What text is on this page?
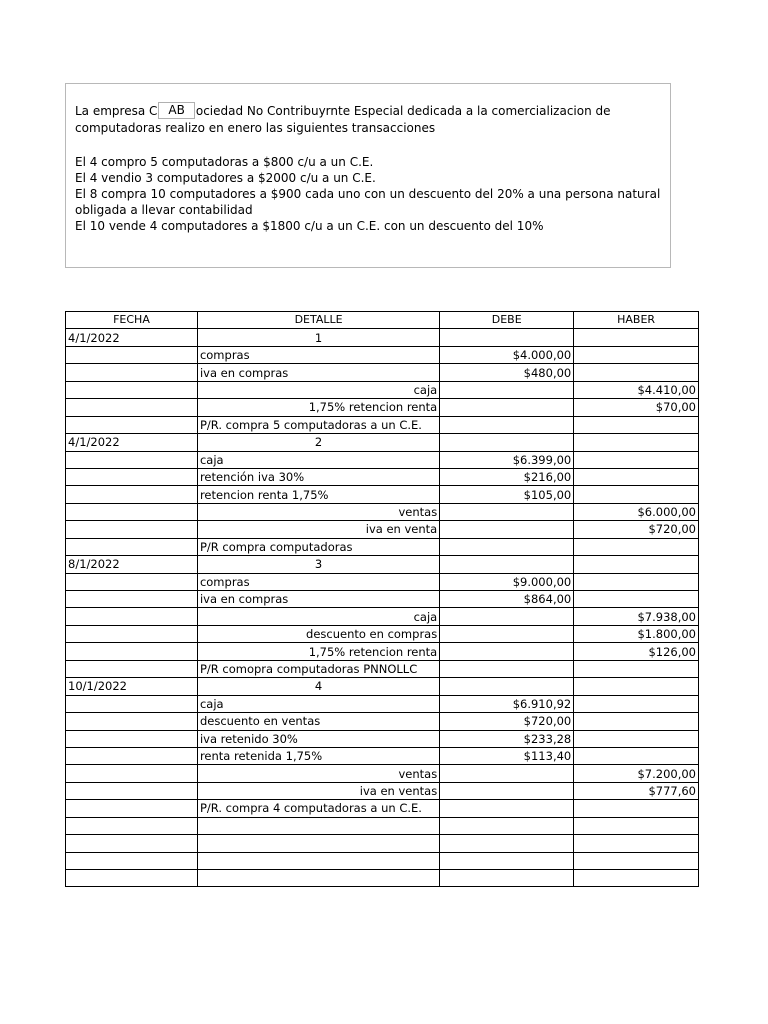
La empresa C AB ociedad No Contribuyrnte Especial dedicada a la comercializacion de
computadoras realizo en enero las siguientes transacciones
El 4 compro 5 computadoras a $800 c/u a un C.E.
El 4 vendio 3 computadores a $2000 c/u a un C.E.
El 8 compra 10 computadores a $900 cada uno con un descuento del 20% a una persona natural
obligada a llevar contabilidad
El 10 vende 4 computadores a $1800 c/u a un C.E. con un descuento del 10%
FECHA	DETALLE	DEBE	HABER
4/1/2022	1		
	compras	$4.000,00	
	iva en compras	$480,00	
	caja		$4.410,00
	1,75% retencion renta		$70,00
	P/R. compra 5 computadoras a un C.E.		
4/1/2022	2		
	caja	$6.399,00	
	retención iva 30%	$216,00	
	retencion renta 1,75%	$105,00	
	ventas		$6.000,00
	iva en venta		$720,00
	P/R compra computadoras		
8/1/2022	3		
	compras	$9.000,00	
	iva en compras	$864,00	
	caja		$7.938,00
	descuento en compras		$1.800,00
	1,75% retencion renta		$126,00
	P/R comopra computadoras PNNOLLC		
10/1/2022	4		
	caja	$6.910,92	
	descuento en ventas	$720,00	
	iva retenido 30%	$233,28	
	renta retenida 1,75%	$113,40	
	ventas		$7.200,00
	iva en ventas		$777,60
	P/R. compra 4 computadoras a un C.E.		
